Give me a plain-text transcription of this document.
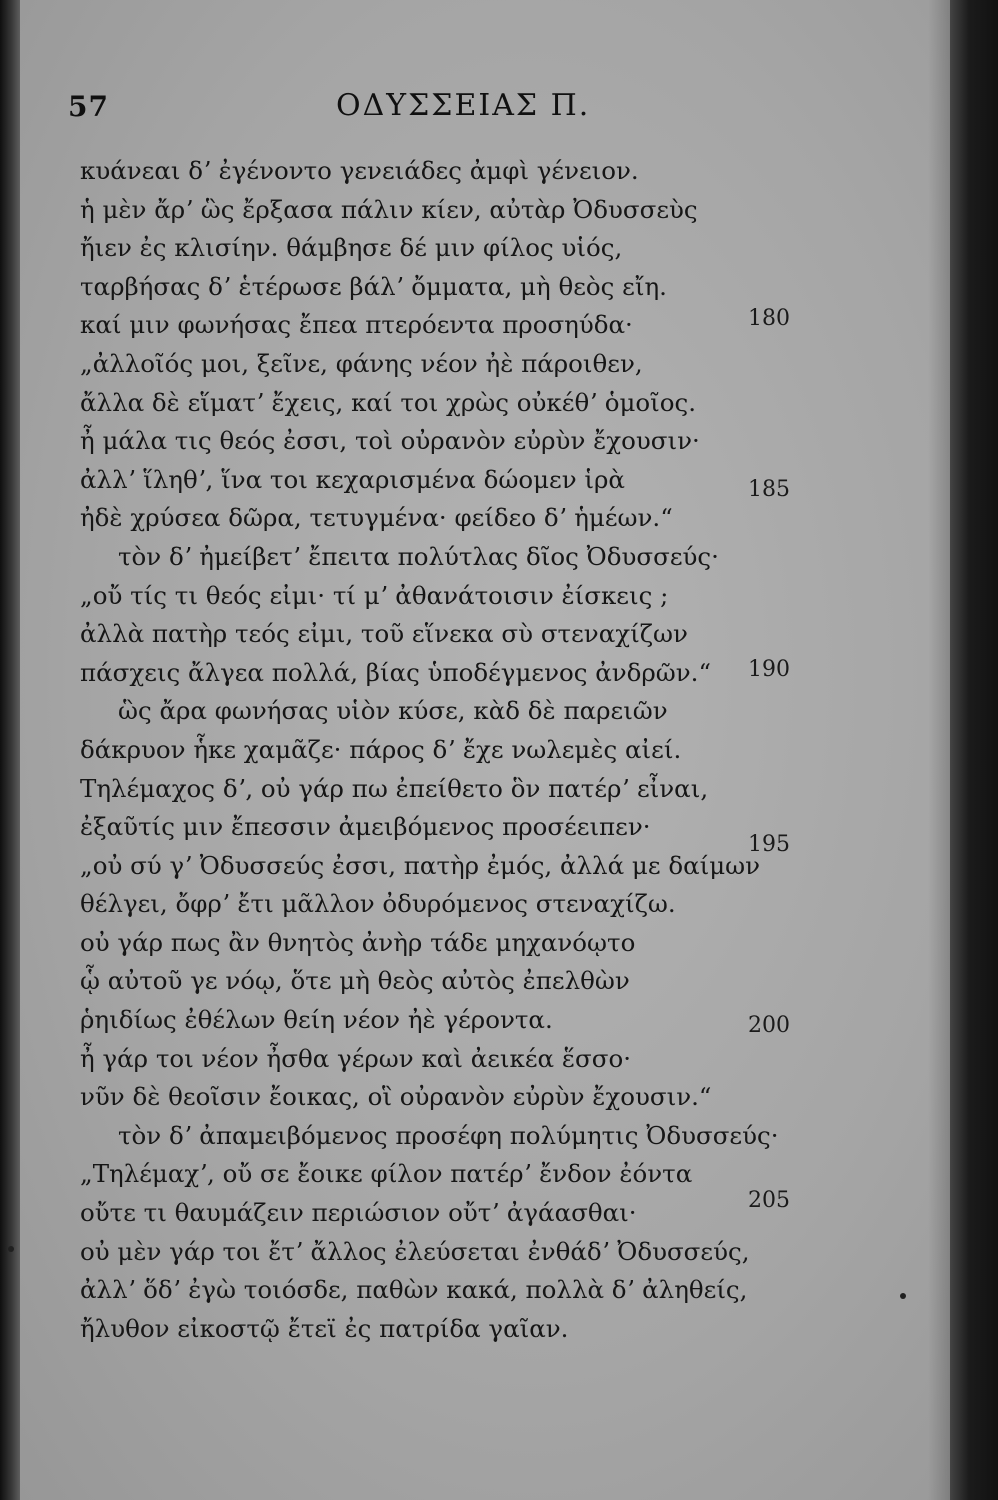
57	ΟΔΥΣΣΕΙΑΣ Π.
κυάνεαι δʼ ἐγένοντο γενειάδες ἀμφὶ γένειον.
ἡ μὲν ἄρʼ ὣς ἔρξασα πάλιν κίεν, αὐτὰρ Ὀδυσσεὺς
ἤιεν ἐς κλισίην. θάμβησε δέ μιν φίλος υἱός,
ταρβήσας δʼ ἑτέρωσε βάλʼ ὄμματα, μὴ θεὸς εἴη.
καί μιν φωνήσας ἔπεα πτερόεντα προσηύδα·
„ἀλλοῖός μοι, ξεῖνε, φάνης νέον ἠὲ πάροιθεν,
ἄλλα δὲ εἵματʼ ἔχεις, καί τοι χρὼς οὐκέθʼ ὁμοῖος.
ἦ μάλα τις θεός ἐσσι, τοὶ οὐρανὸν εὐρὺν ἔχουσιν·
ἀλλʼ ἵληθʼ, ἵνα τοι κεχαρισμένα δώομεν ἱρὰ
ἠδὲ χρύσεα δῶρα, τετυγμένα· φείδεο δʼ ἡμέων.“
τὸν δʼ ἠμείβετʼ ἔπειτα πολύτλας δῖος Ὀδυσσεύς·
„οὔ τίς τι θεός εἰμι· τί μʼ ἀθανάτοισιν ἐίσκεις ;
ἀλλὰ πατὴρ τεός εἰμι, τοῦ εἵνεκα σὺ στεναχίζων
πάσχεις ἄλγεα πολλά, βίας ὑποδέγμενος ἀνδρῶν.“
ὣς ἄρα φωνήσας υἱὸν κύσε, κὰδ δὲ παρειῶν
δάκρυον ἧκε χαμᾶζε· πάρος δʼ ἔχε νωλεμὲς αἰεί.
Τηλέμαχος δʼ, οὐ γάρ πω ἐπείθετο ὃν πατέρʼ εἶναι,
ἐξαῦτίς μιν ἔπεσσιν ἀμειβόμενος προσέειπεν·
„οὐ σύ γʼ Ὀδυσσεύς ἐσσι, πατὴρ ἐμός, ἀλλά με δαίμων
θέλγει, ὄφρʼ ἔτι μᾶλλον ὀδυρόμενος στεναχίζω.
οὐ γάρ πως ἂν θνητὸς ἀνὴρ τάδε μηχανόῳτο
ᾧ αὐτοῦ γε νόῳ, ὅτε μὴ θεὸς αὐτὸς ἐπελθὼν
ῥηιδίως ἐθέλων θείη νέον ἠὲ γέροντα.
ἦ γάρ τοι νέον ἦσθα γέρων καὶ ἀεικέα ἕσσο·
νῦν δὲ θεοῖσιν ἔοικας, οἳ οὐρανὸν εὐρὺν ἔχουσιν.“
τὸν δʼ ἀπαμειβόμενος προσέφη πολύμητις Ὀδυσσεύς·
„Τηλέμαχʼ, οὔ σε ἔοικε φίλον πατέρʼ ἔνδον ἐόντα
οὔτε τι θαυμάζειν περιώσιον οὔτʼ ἀγάασθαι·
οὐ μὲν γάρ τοι ἔτʼ ἄλλος ἐλεύσεται ἐνθάδʼ Ὀδυσσεύς,
ἀλλʼ ὅδʼ ἐγὼ τοιόσδε, παθὼν κακά, πολλὰ δʼ ἀληθείς,
ἤλυθον εἰκοστῷ ἔτεϊ ἐς πατρίδα γαῖαν.
180
185
190
195
200
205
